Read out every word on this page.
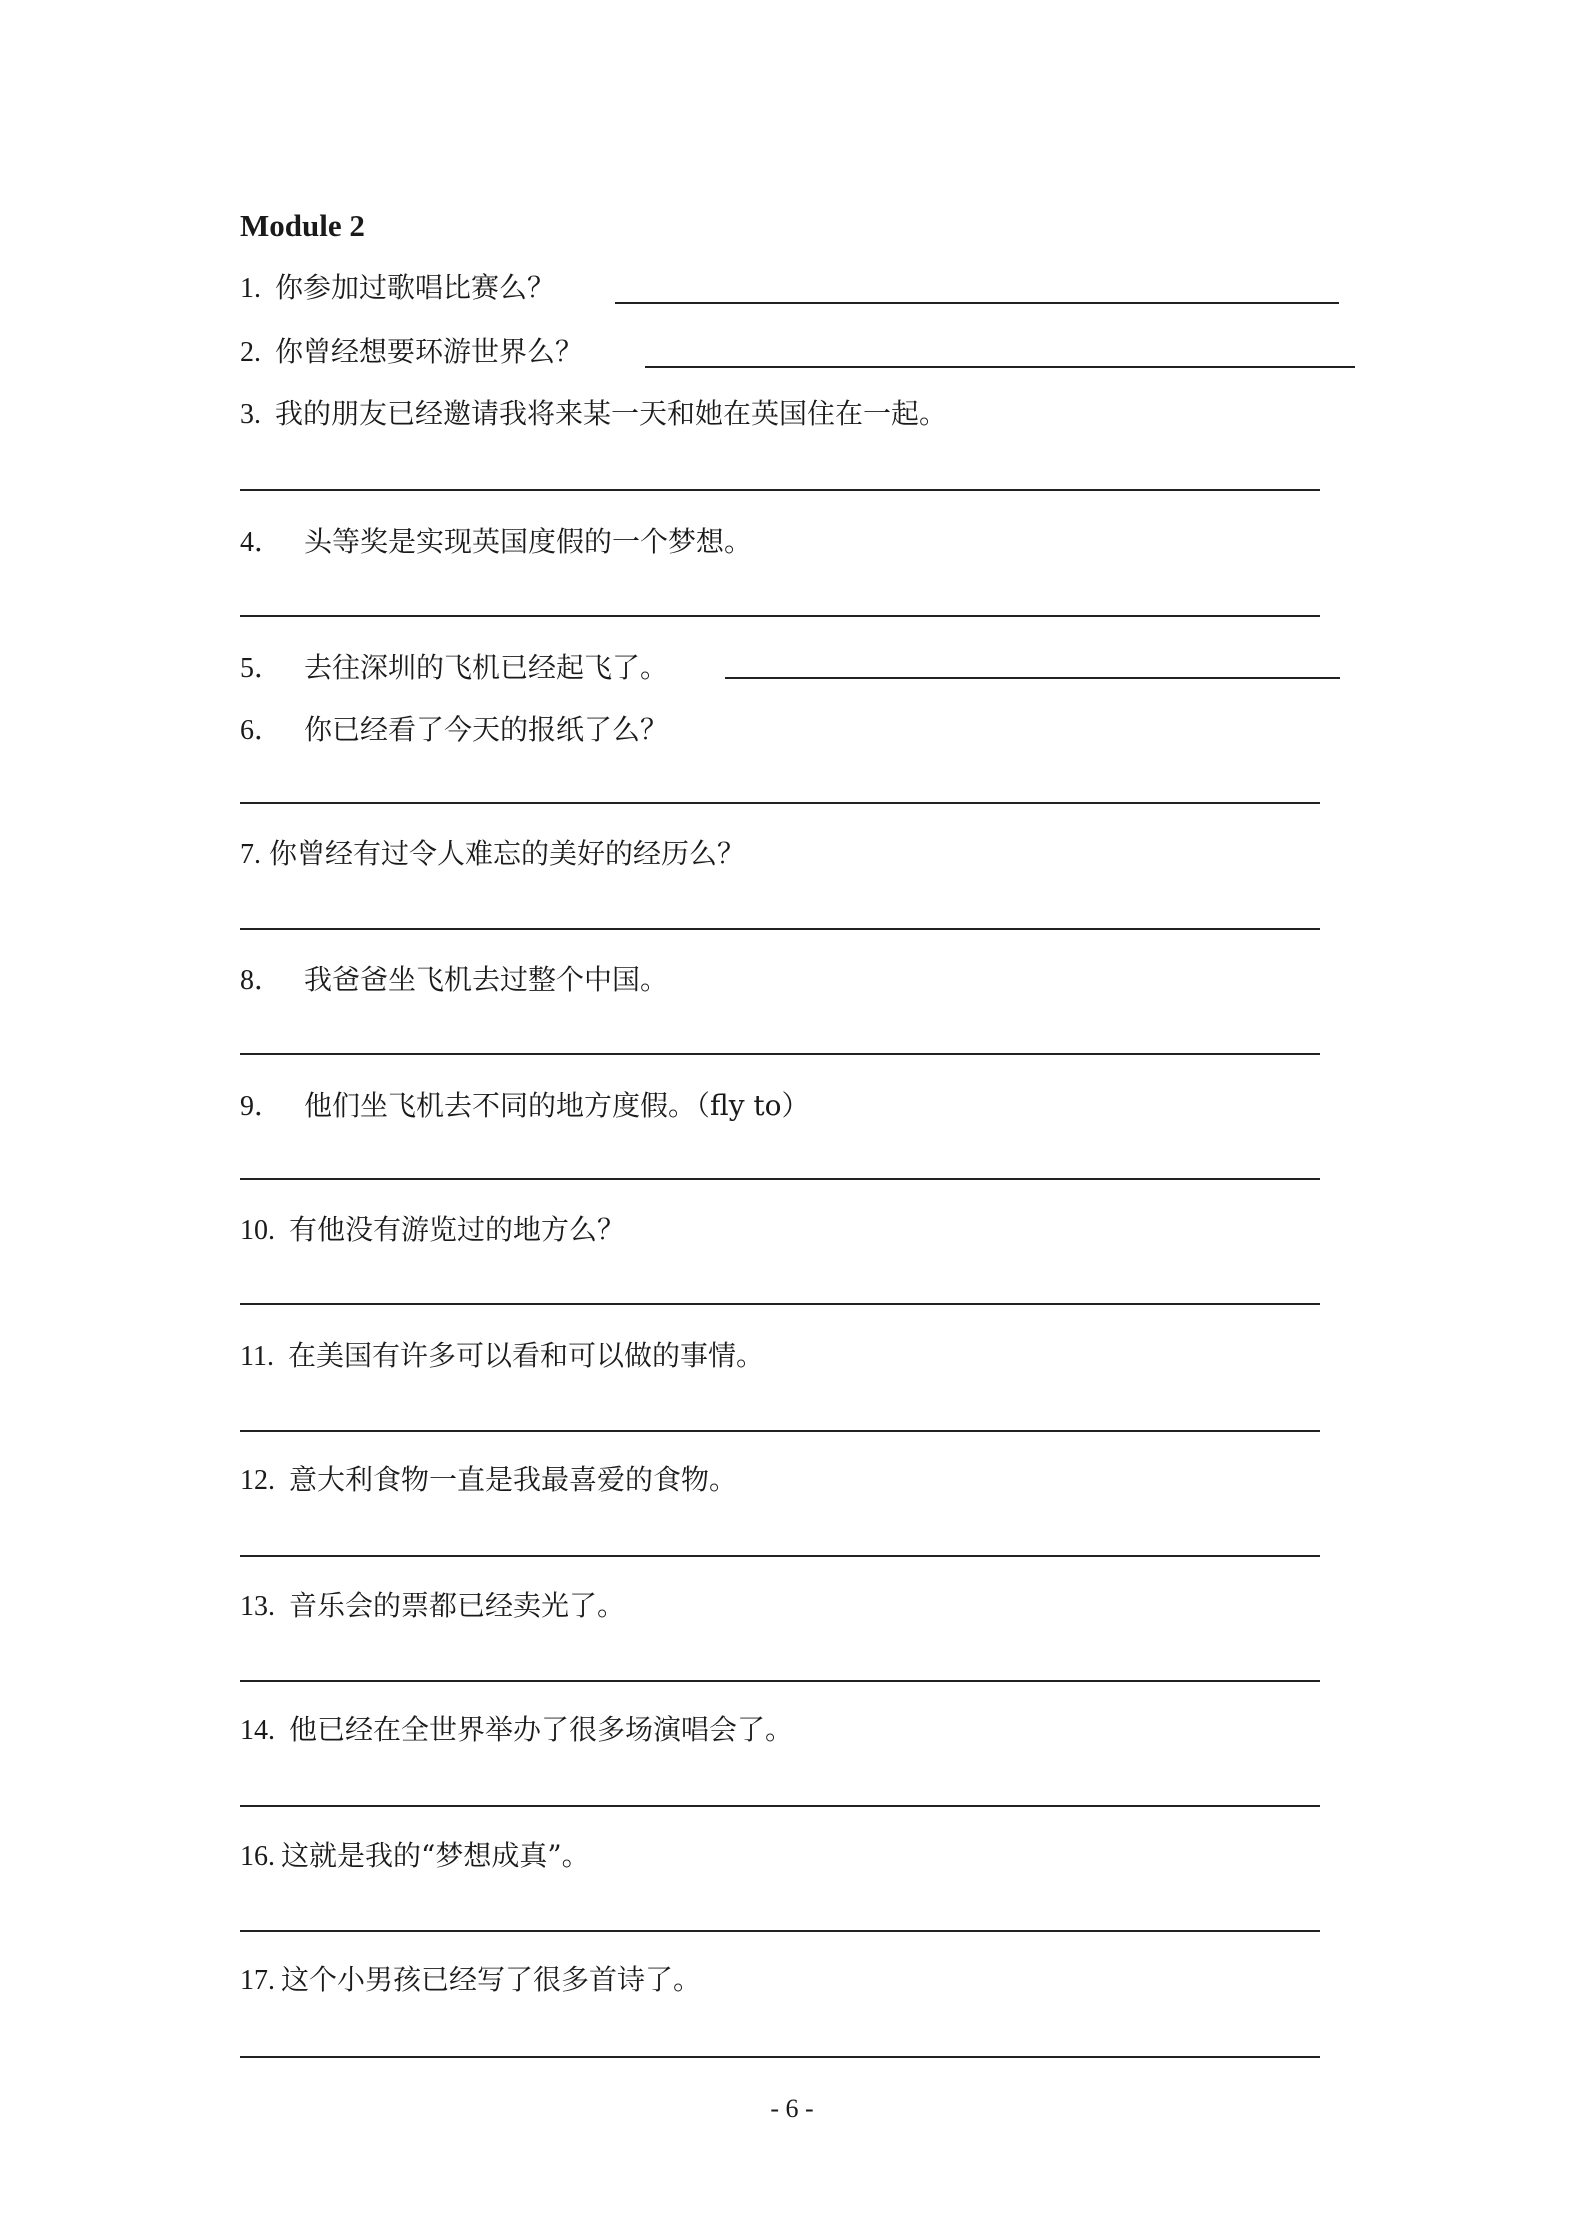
Module 2
1. 你参加过歌唱比赛么？
2. 你曾经想要环游世界么？
3. 我的朋友已经邀请我将来某一天和她在英国住在一起。
4． 头等奖是实现英国度假的一个梦想。
5． 去往深圳的飞机已经起飞了。
6． 你已经看了今天的报纸了么？
7. 你曾经有过令人难忘的美好的经历么？
8． 我爸爸坐飞机去过整个中国。
9． 他们坐飞机去不同的地方度假。（fly to）
10. 有他没有游览过的地方么？
11. 在美国有许多可以看和可以做的事情。
12. 意大利食物一直是我最喜爱的食物。
13. 音乐会的票都已经卖光了。
14. 他已经在全世界举办了很多场演唱会了。
16. 这就是我的“梦想成真”。
17. 这个小男孩已经写了很多首诗了。
- 6 -
